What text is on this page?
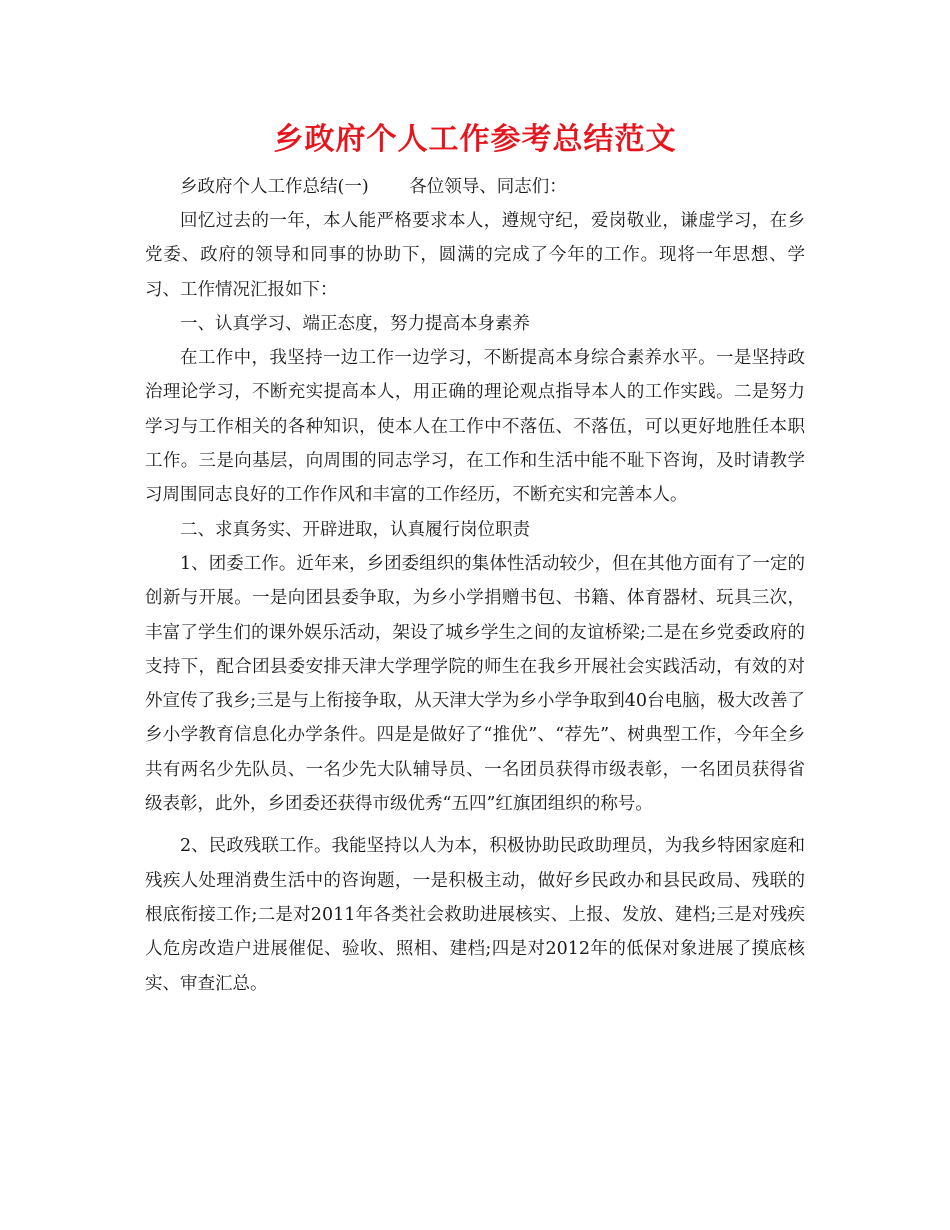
乡政府个人工作参考总结范文

乡政府个人工作总结(一)　　 各位领导、同志们：

回忆过去的一年，本人能严格要求本人，遵规守纪，爱岗敬业，谦虚学习，在乡党委、政府的领导和同事的协助下，圆满的完成了今年的工作。现将一年思想、学习、工作情况汇报如下：

一、认真学习、端正态度，努力提高本身素养

在工作中，我坚持一边工作一边学习，不断提高本身综合素养水平。一是坚持政治理论学习，不断充实提高本人，用正确的理论观点指导本人的工作实践。二是努力学习与工作相关的各种知识，使本人在工作中不落伍、不落伍，可以更好地胜任本职工作。三是向基层，向周围的同志学习，在工作和生活中能不耻下咨询，及时请教学习周围同志良好的工作作风和丰富的工作经历，不断充实和完善本人。

二、求真务实、开辟进取，认真履行岗位职责

1、团委工作。近年来，乡团委组织的集体性活动较少，但在其他方面有了一定的创新与开展。一是向团县委争取，为乡小学捐赠书包、书籍、体育器材、玩具三次，丰富了学生们的课外娱乐活动，架设了城乡学生之间的友谊桥梁;二是在乡党委政府的支持下，配合团县委安排天津大学理学院的师生在我乡开展社会实践活动，有效的对外宣传了我乡;三是与上衔接争取，从天津大学为乡小学争取到40台电脑，极大改善了乡小学教育信息化办学条件。四是是做好了“推优”、“荐先”、树典型工作，今年全乡共有两名少先队员、一名少先大队辅导员、一名团员获得市级表彰，一名团员获得省级表彰，此外，乡团委还获得市级优秀“五四”红旗团组织的称号。

2、民政残联工作。我能坚持以人为本，积极协助民政助理员，为我乡特困家庭和残疾人处理消费生活中的咨询题，一是积极主动，做好乡民政办和县民政局、残联的根底衔接工作;二是对2011年各类社会救助进展核实、上报、发放、建档;三是对残疾人危房改造户进展催促、验收、照相、建档;四是对2012年的低保对象进展了摸底核实、审查汇总。
